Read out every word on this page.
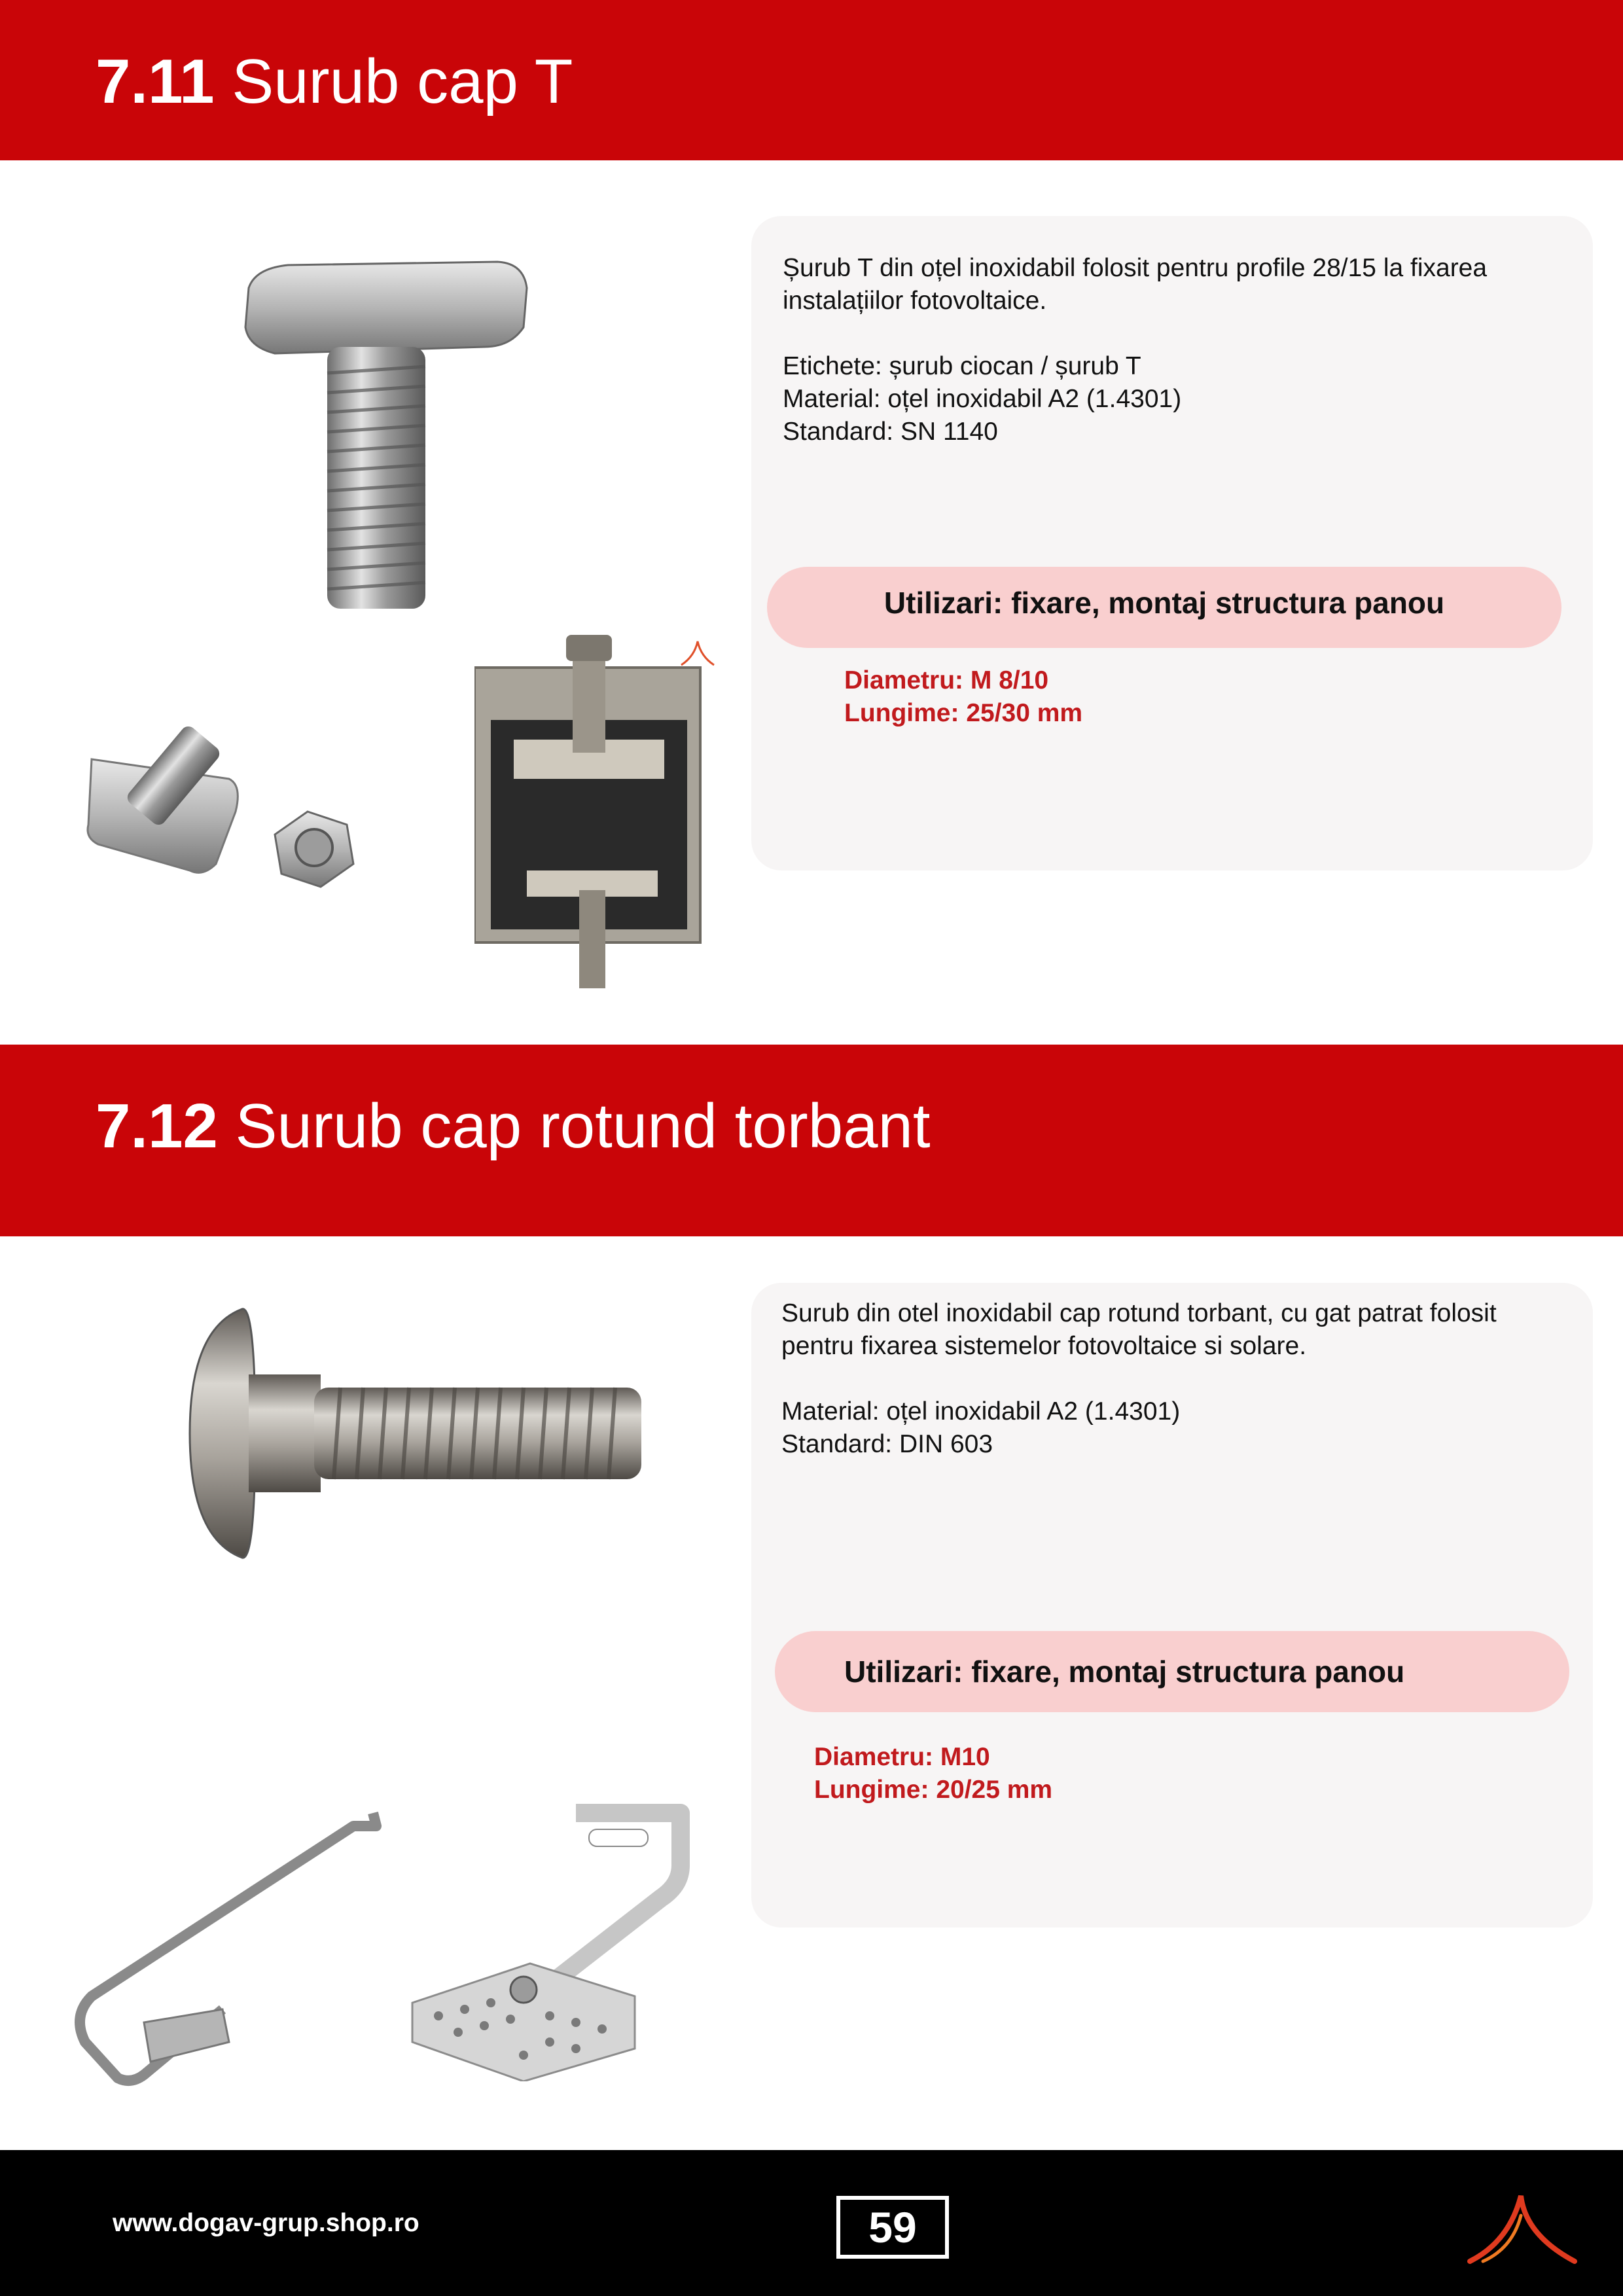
7.11 Surub cap T

Șurub T din oțel inoxidabil folosit pentru profile 28/15 la fixarea

instalațiilor fotovoltaice.

Etichete: șurub ciocan / șurub T

Material: oțel inoxidabil A2 (1.4301)

Standard: SN 1140

Utilizari: fixare, montaj structura panou

Diametru: M 8/10

Lungime: 25/30 mm

7.12 Surub cap rotund torbant

Surub din otel inoxidabil cap rotund torbant, cu gat patrat folosit

pentru fixarea sistemelor fotovoltaice si solare.

Material: oțel inoxidabil A2 (1.4301)

Standard: DIN 603

Utilizari: fixare, montaj structura panou

Diametru: M10

Lungime: 20/25 mm

www.dogav-grup.shop.ro	59
